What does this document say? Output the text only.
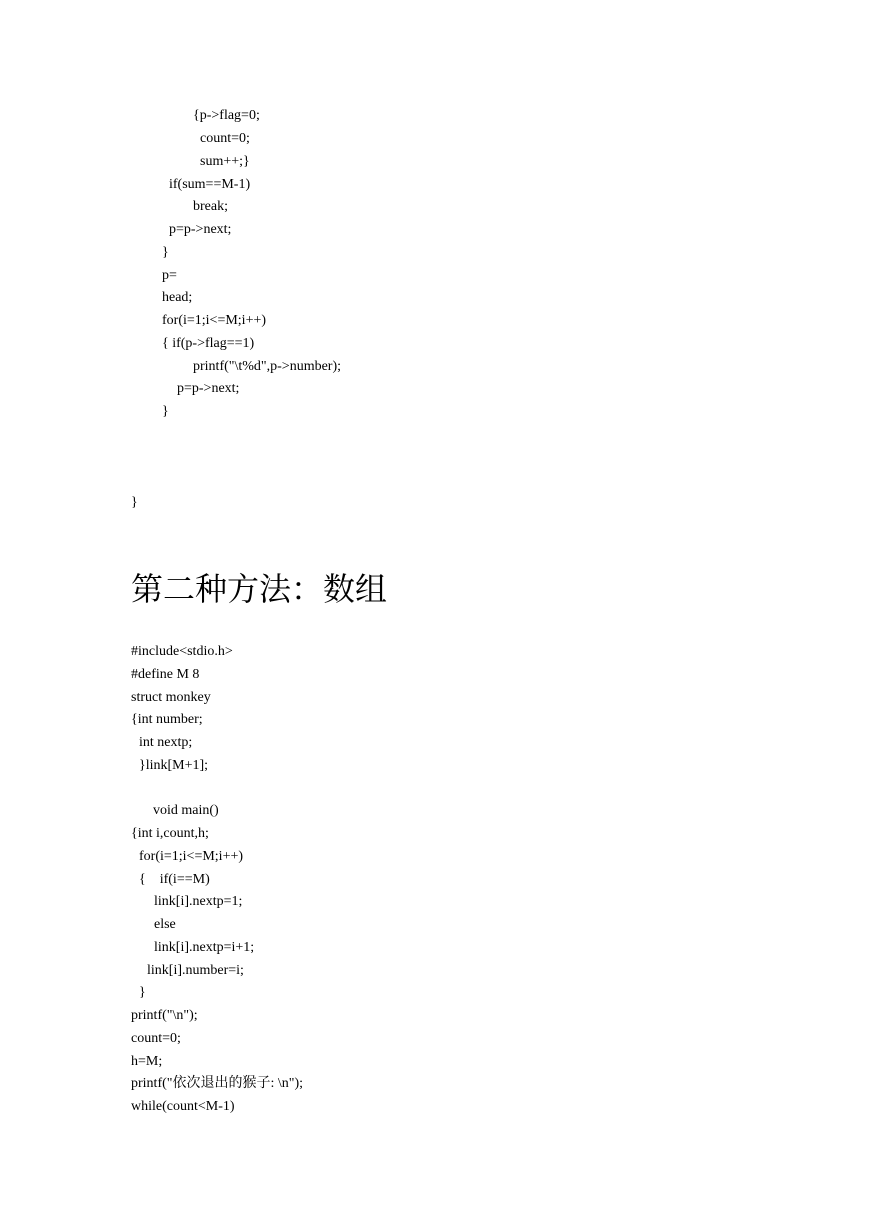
{p->flag=0;
count=0;
sum++;}
if(sum==M-1)
break;
p=p->next;
}
p=
head;
for(i=1;i<=M;i++)
{ if(p->flag==1)
printf("\t%d",p->number);
p=p->next;
}
}
第二种方法：数组
#include<stdio.h>
#define M 8
struct monkey
{int number;
int nextp;
}link[M+1];
void main()
{int i,count,h;
for(i=1;i<=M;i++)
{    if(i==M)
link[i].nextp=1;
else
link[i].nextp=i+1;
link[i].number=i;
}
printf("\n");
count=0;
h=M;
printf("依次退出的猴子: \n");
while(count<M-1)
